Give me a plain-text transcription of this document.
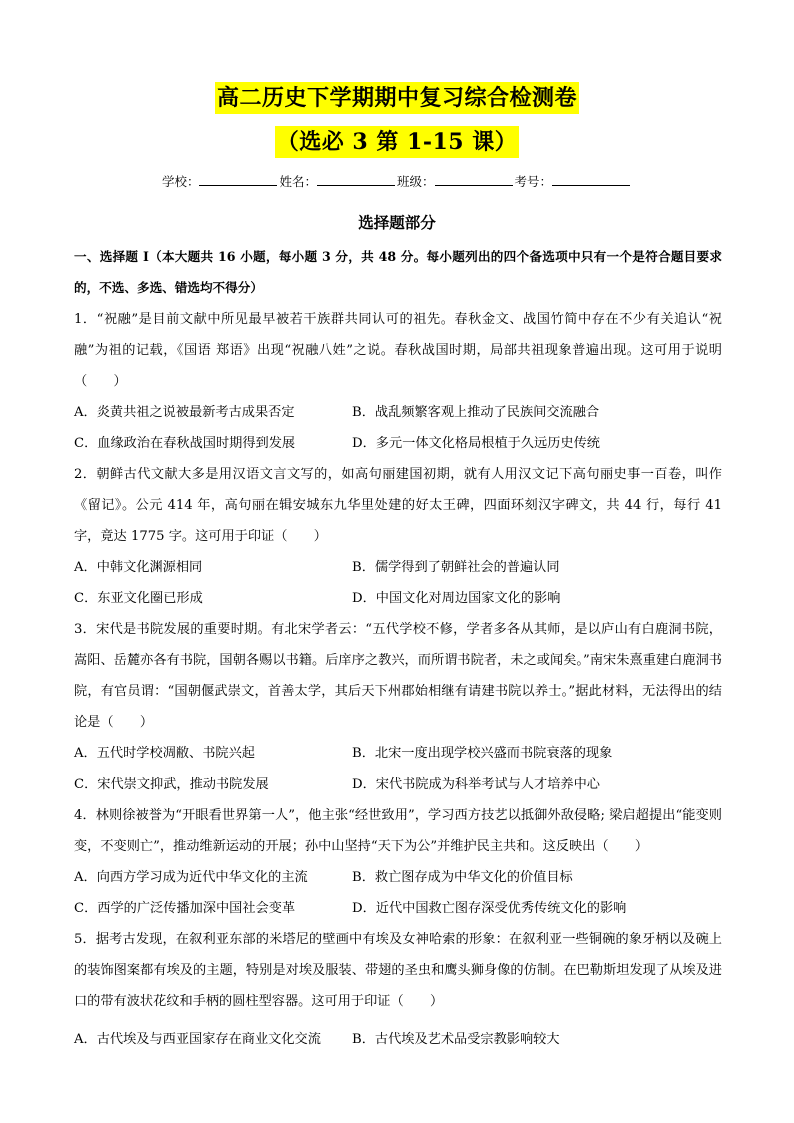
高二历史下学期期中复习综合检测卷
（选必 3 第 1-15 课）
学校：	姓名：	班级：	考号：
选择题部分
一、选择题 I（本大题共 16 小题，每小题 3 分，共 48 分。每小题列出的四个备选项中只有一个是符合题目要求的，不选、多选、错选均不得分）
1．“祝融”是目前文献中所见最早被若干族群共同认可的祖先。春秋金文、战国竹简中存在不少有关追认“祝融”为祖的记载，《国语 郑语》出现“祝融八姓”之说。春秋战国时期，局部共祖现象普遍出现。这可用于说明（　　）
A．炎黄共祖之说被最新考古成果否定	B．战乱频繁客观上推动了民族间交流融合
C．血缘政治在春秋战国时期得到发展	D．多元一体文化格局根植于久远历史传统
2．朝鲜古代文献大多是用汉语文言文写的，如高句丽建国初期，就有人用汉文记下高句丽史事一百卷，叫作《留记》。公元 414 年，高句丽在辑安城东九华里处建的好太王碑，四面环刻汉字碑文，共 44 行，每行 41 字，竟达 1775 字。这可用于印证（　　）
A．中韩文化渊源相同	B．儒学得到了朝鲜社会的普遍认同
C．东亚文化圈已形成	D．中国文化对周边国家文化的影响
3．宋代是书院发展的重要时期。有北宋学者云：“五代学校不修，学者多各从其师，是以庐山有白鹿洞书院，嵩阳、岳麓亦各有书院，国朝各赐以书籍。后庠序之教兴，而所谓书院者，未之或闻矣。”南宋朱熹重建白鹿洞书院，有官员谓：“国朝偃武崇文，首善太学，其后天下州郡始相继有请建书院以养士。”据此材料，无法得出的结论是（　　）
A．五代时学校凋敝、书院兴起	B．北宋一度出现学校兴盛而书院衰落的现象
C．宋代崇文抑武，推动书院发展	D．宋代书院成为科举考试与人才培养中心
4．林则徐被誉为“开眼看世界第一人”，他主张“经世致用”，学习西方技艺以抵御外敌侵略; 梁启超提出“能变则变，不变则亡”，推动维新运动的开展；孙中山坚持“天下为公”并维护民主共和。这反映出（　　）
A．向西方学习成为近代中华文化的主流	B．救亡图存成为中华文化的价值目标
C．西学的广泛传播加深中国社会变革	D．近代中国救亡图存深受优秀传统文化的影响
5．据考古发现，在叙利亚东部的米塔尼的壁画中有埃及女神哈索的形象：在叙利亚一些铜碗的象牙柄以及碗上的装饰图案都有埃及的主题，特别是对埃及服装、带翅的圣虫和鹰头狮身像的仿制。在巴勒斯坦发现了从埃及进口的带有波状花纹和手柄的圆柱型容器。这可用于印证（　　）
A．古代埃及与西亚国家存在商业文化交流 B．古代埃及艺术品受宗教影响较大
